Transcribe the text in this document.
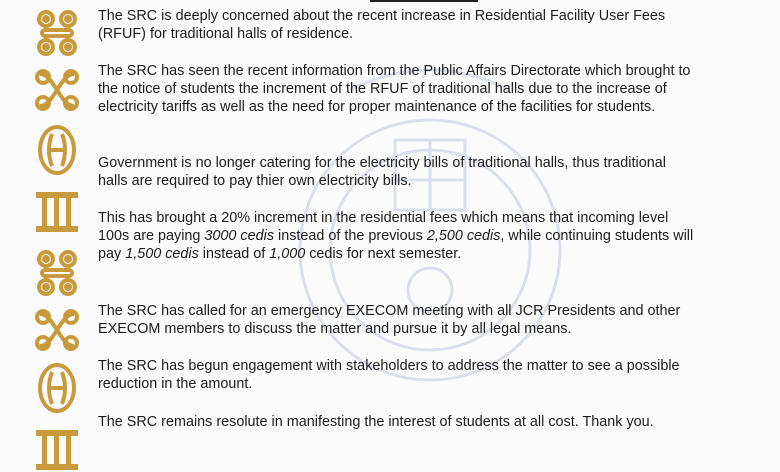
The SRC is deeply concerned about the recent increase in Residential Facility User Fees (RFUF) for traditional halls of residence.

The SRC has seen the recent information from the Public Affairs Directorate which brought to the notice of students the increment of the RFUF of traditional halls due to the increase of electricity tariffs as well as the need for proper maintenance of the facilities for students.

Government is no longer catering for the electricity bills of traditional halls, thus traditional halls are required to pay thier own electricity bills.

This has brought a 20% increment in the residential fees which means that incoming level 100s are paying 3000 cedis instead of the previous 2,500 cedis, while continuing students will pay 1,500 cedis instead of 1,000 cedis for next semester.

The SRC has called for an emergency EXECOM meeting with all JCR Presidents and other EXECOM members to discuss the matter and pursue it by all legal means.

The SRC has begun engagement with stakeholders to address the matter to see a possible reduction in the amount.

The SRC remains resolute in manifesting the interest of students at all cost. Thank you.
